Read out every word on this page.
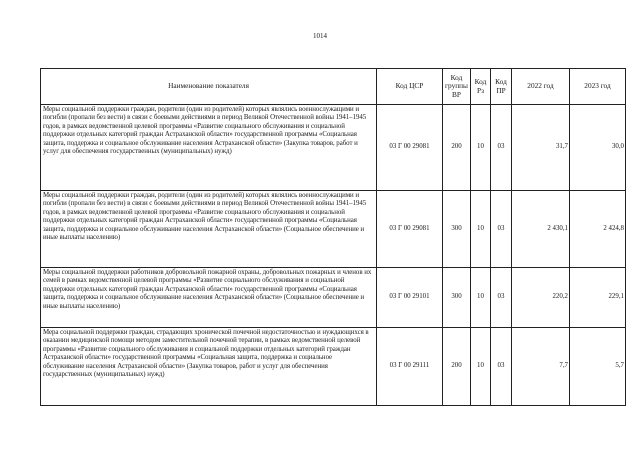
1014
Наименование показателя	Код ЦСР	Код группы ВР	Код Рз	Код ПР	2022 год	2023 год
Меры социальной поддержки граждан, родители (один из родителей) которых являлись военнослужащими и погибли (пропали без вести) в связи с боевыми действиями в период Великой Отечественной войны 1941–1945 годов, в рамках ведомственной целевой программы «Развитие социального обслуживания и социальной поддержки отдельных категорий граждан Астраханской области» государственной программы «Социальная защита, поддержка и социальное обслуживание населения Астраханской области» (Закупка товаров, работ и услуг для обеспечения государственных (муниципальных) нужд)	03 Г 00 29081	200	10	03	31,7	30,0
Меры социальной поддержки граждан, родители (один из родителей) которых являлись военнослужащими и погибли (пропали без вести) в связи с боевыми действиями в период Великой Отечественной войны 1941–1945 годов, в рамках ведомственной целевой программы «Развитие социального обслуживания и социальной поддержки отдельных категорий граждан Астраханской области» государственной программы «Социальная защита, поддержка и социальное обслуживание населения Астраханской области» (Социальное обеспечение и иные выплаты населению)	03 Г 00 29081	300	10	03	2 430,1	2 424,8
Меры социальной поддержки работников добровольной пожарной охраны, добровольных пожарных и членов их семей в рамках ведомственной целевой программы «Развитие социального обслуживания и социальной поддержки отдельных категорий граждан Астраханской области» государственной программы «Социальная защита, поддержка и социальное обслуживание населения Астраханской области» (Социальное обеспечение и иные выплаты населению)	03 Г 00 29101	300	10	03	220,2	229,1
Мера социальной поддержки граждан, страдающих хронической почечной недостаточностью и нуждающихся в оказании медицинской помощи методом заместительной почечной терапии, в рамках ведомственной целевой программы «Развитие социального обслуживания и социальной поддержки отдельных категорий граждан Астраханской области» государственной программы «Социальная защита, поддержка и социальное обслуживание населения Астраханской области» (Закупка товаров, работ и услуг для обеспечения государственных (муниципальных) нужд)	03 Г 00 29111	200	10	03	7,7	5,7
